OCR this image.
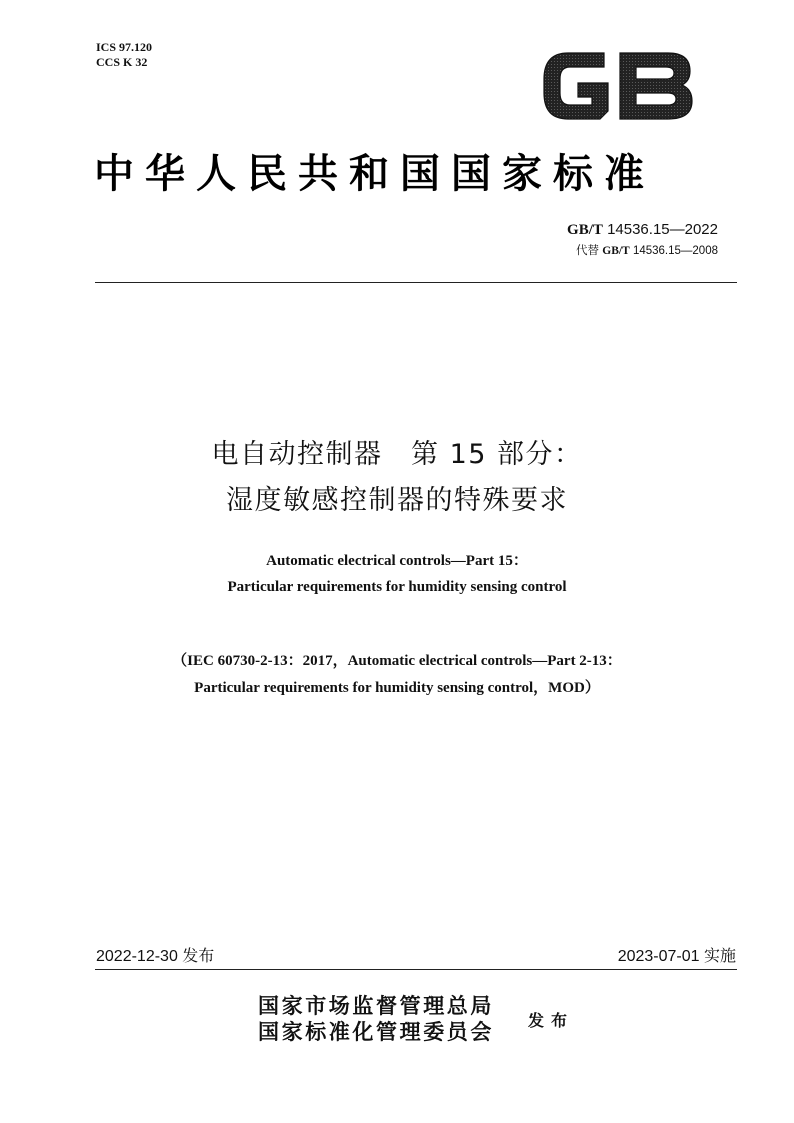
ICS 97.120
CCS K 32
中华人民共和国国家标准
GB/T 14536.15—2022
代替 GB/T 14536.15—2008
电自动控制器　第 15 部分：
湿度敏感控制器的特殊要求
Automatic electrical controls—Part 15：
Particular requirements for humidity sensing control
（IEC 60730-2-13：2017，Automatic electrical controls—Part 2-13：
Particular requirements for humidity sensing control，MOD）
2022-12-30 发布	2023-07-01 实施
国家市场监督管理总局
国家标准化管理委员会 发布
